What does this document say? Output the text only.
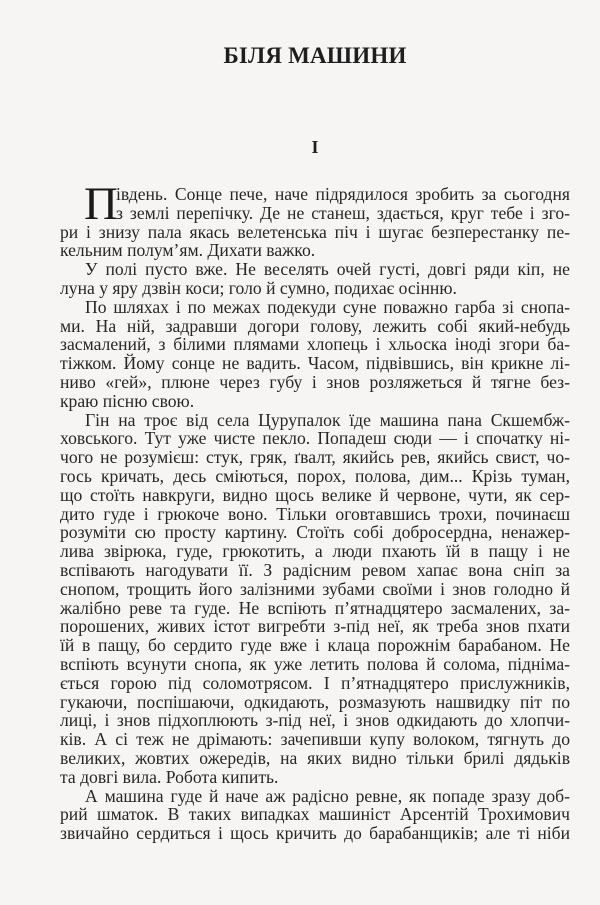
БІЛЯ МАШИНИ
І
П
івдень. Сонце пече, наче підрядилося зробить за сьогодня
з землі перепічку. Де не станеш, здається, круг тебе і зго-
ри і знизу пала якась велетенська піч і шугає безперестанку пе-
кельним полум’ям. Дихати важко.
У полі пусто вже. Не веселять очей густі, довгі ряди кіп, не
луна у яру дзвін коси; голо й сумно, подихає осінню.
По шляхах і по межах подекуди суне поважно гарба зі снопа-
ми. На ній, задравши догори голову, лежить собі який-небудь
засмалений, з білими плямами хлопець і хльоска іноді згори ба-
тіжком. Йому сонце не вадить. Часом, підвівшись, він крикне лі-
ниво «гей», плюне через губу і знов розляжеться й тягне без-
краю пісню свою.
Гін на троє від села Цурупалок їде машина пана Скшембж-
ховського. Тут уже чисте пекло. Попадеш сюди — і спочатку ні-
чого не розумієш: стук, гряк, ґвалт, якийсь рев, якийсь свист, чо-
гось кричать, десь сміються, порох, полова, дим... Крізь туман,
що стоїть навкруги, видно щось велике й червоне, чути, як сер-
дито гуде і грюкоче воно. Тільки оговтавшись трохи, починаєш
розуміти сю просту картину. Стоїть собі добросердна, ненажер-
лива звірюка, гуде, грюкотить, а люди пхають їй в пащу і не
вспівають нагодувати її. З радісним ревом хапає вона сніп за
снопом, трощить його залізними зубами своїми і знов голодно й
жалібно реве та гуде. Не вспіють п’ятнадцятеро засмалених, за-
порошених, живих істот вигребти з-під неї, як треба знов пхати
їй в пащу, бо сердито гуде вже і клаца порожнім барабаном. Не
вспіють всунути снопа, як уже летить полова й солома, підніма-
ється горою під соломотрясом. І п’ятнадцятеро прислужників,
гукаючи, поспішаючи, одкидають, розмазують нашвидку піт по
лиці, і знов підхоплюють з-під неї, і знов одкидають до хлопчи-
ків. А сі теж не дрімають: зачепивши купу волоком, тягнуть до
великих, жовтих ожередів, на яких видно тільки брилі дядьків
та довгі вила. Робота кипить.
А машина гуде й наче аж радісно ревне, як попаде зразу доб-
рий шматок. В таких випадках машиніст Арсентій Трохимович
звичайно сердиться і щось кричить до барабанщиків; але ті ніби
